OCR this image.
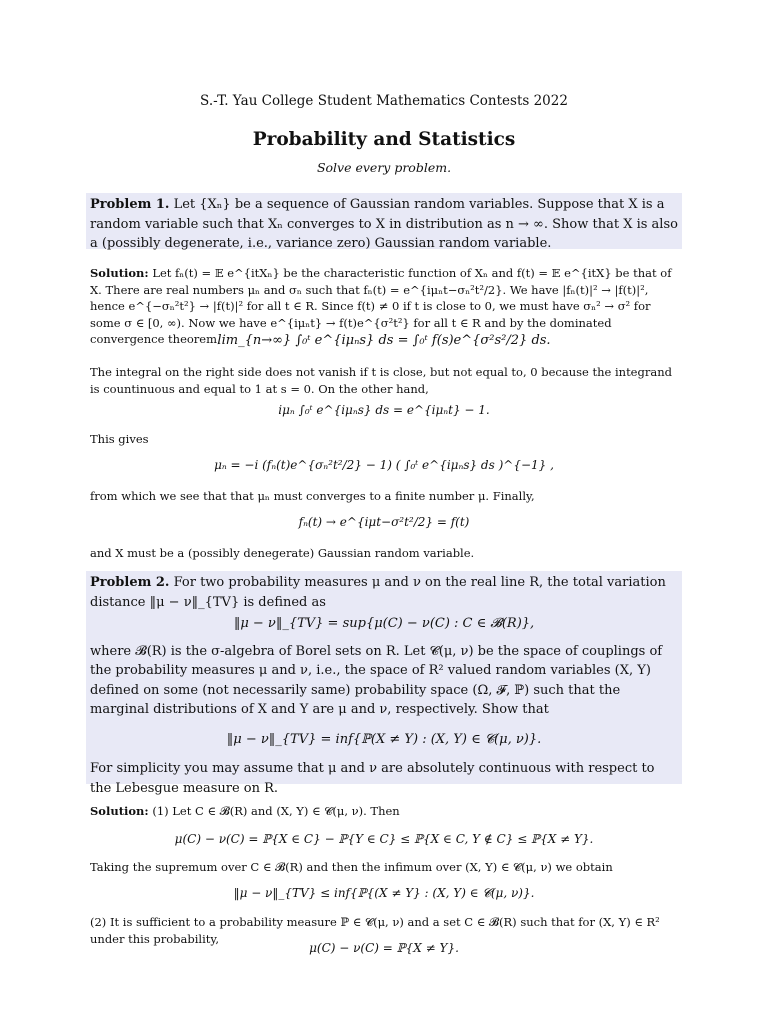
S.-T. Yau College Student Mathematics Contests 2022
Probability and Statistics
Solve every problem.
Problem 1. Let {Xₙ} be a sequence of Gaussian random variables. Suppose that X is a random variable such that Xₙ converges to X in distribution as n → ∞. Show that X is also a (possibly degenerate, i.e., variance zero) Gaussian random variable.
Solution: Let fₙ(t) = 𝔼 e^{itXₙ} be the characteristic function of Xₙ and f(t) = 𝔼 e^{itX} be that of X. There are real numbers μₙ and σₙ such that fₙ(t) = e^{iμₙt−σₙ²t²/2}. We have |fₙ(t)|² → |f(t)|², hence e^{−σₙ²t²} → |f(t)|² for all t ∈ R. Since f(t) ≠ 0 if t is close to 0, we must have σₙ² → σ² for some σ ∈ [0, ∞). Now we have e^{iμₙt} → f(t)e^{σ²t²} for all t ∈ R and by the dominated convergence theorem,
lim_{n→∞} ∫₀ᵗ e^{iμₙs} ds = ∫₀ᵗ f(s)e^{σ²s²/2} ds.
The integral on the right side does not vanish if t is close, but not equal to, 0 because the integrand is countinuous and equal to 1 at s = 0. On the other hand,
iμₙ ∫₀ᵗ e^{iμₙs} ds = e^{iμₙt} − 1.
This gives
μₙ = −i (fₙ(t)e^{σₙ²t²/2} − 1) ( ∫₀ᵗ e^{iμₙs} ds )^{−1} ,
from which we see that that μₙ must converges to a finite number μ. Finally,
fₙ(t) → e^{iμt−σ²t²/2} = f(t)
and X must be a (possibly denegerate) Gaussian random variable.
Problem 2. For two probability measures μ and ν on the real line R, the total variation distance ‖μ − ν‖_{TV} is defined as
‖μ − ν‖_{TV} = sup{μ(C) − ν(C) : C ∈ 𝓑(R)},
where 𝓑(R) is the σ-algebra of Borel sets on R. Let 𝓒(μ, ν) be the space of couplings of the probability measures μ and ν, i.e., the space of R² valued random variables (X, Y) defined on some (not necessarily same) probability space (Ω, 𝓕, ℙ) such that the marginal distributions of X and Y are μ and ν, respectively. Show that
‖μ − ν‖_{TV} = inf{ℙ(X ≠ Y) : (X, Y) ∈ 𝓒(μ, ν)}.
For simplicity you may assume that μ and ν are absolutely continuous with respect to the Lebesgue measure on R.
Solution: (1) Let C ∈ 𝓑(R) and (X, Y) ∈ 𝓒(μ, ν). Then
μ(C) − ν(C) = ℙ{X ∈ C} − ℙ{Y ∈ C} ≤ ℙ{X ∈ C, Y ∉ C} ≤ ℙ{X ≠ Y}.
Taking the supremum over C ∈ 𝓑(R) and then the infimum over (X, Y) ∈ 𝓒(μ, ν) we obtain
‖μ − ν‖_{TV} ≤ inf{ℙ{(X ≠ Y} : (X, Y) ∈ 𝓒(μ, ν)}.
(2) It is sufficient to a probability measure ℙ ∈ 𝓒(μ, ν) and a set C ∈ 𝓑(R) such that for (X, Y) ∈ R² under this probability,
μ(C) − ν(C) = ℙ{X ≠ Y}.
